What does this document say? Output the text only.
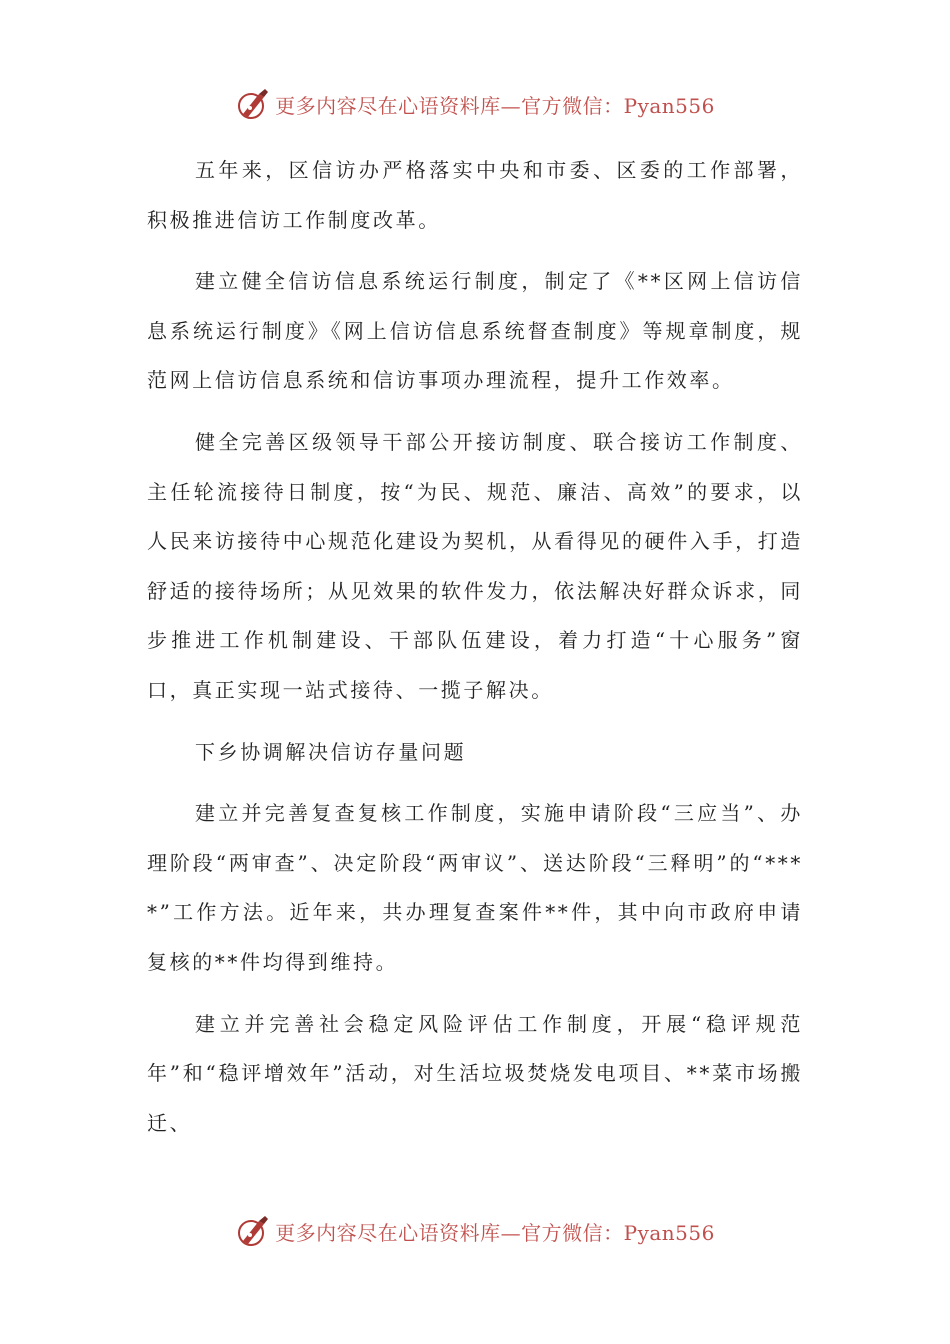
更多内容尽在心语资料库—官方微信：Pyan556

五年来，区信访办严格落实中央和市委、区委的工作部署，积极推进信访工作制度改革。

建立健全信访信息系统运行制度，制定了《**区网上信访信息系统运行制度》《网上信访信息系统督查制度》等规章制度，规范网上信访信息系统和信访事项办理流程，提升工作效率。

健全完善区级领导干部公开接访制度、联合接访工作制度、主任轮流接待日制度，按“为民、规范、廉洁、高效”的要求，以人民来访接待中心规范化建设为契机，从看得见的硬件入手，打造舒适的接待场所；从见效果的软件发力，依法解决好群众诉求，同步推进工作机制建设、干部队伍建设，着力打造“十心服务”窗口，真正实现一站式接待、一揽子解决。

下乡协调解决信访存量问题

建立并完善复查复核工作制度，实施申请阶段“三应当”、办理阶段“两审查”、决定阶段“两审议”、送达阶段“三释明”的“****”工作方法。近年来，共办理复查案件**件，其中向市政府申请复核的**件均得到维持。

建立并完善社会稳定风险评估工作制度，开展“稳评规范年”和“稳评增效年”活动，对生活垃圾焚烧发电项目、**菜市场搬迁、

更多内容尽在心语资料库—官方微信：Pyan556
